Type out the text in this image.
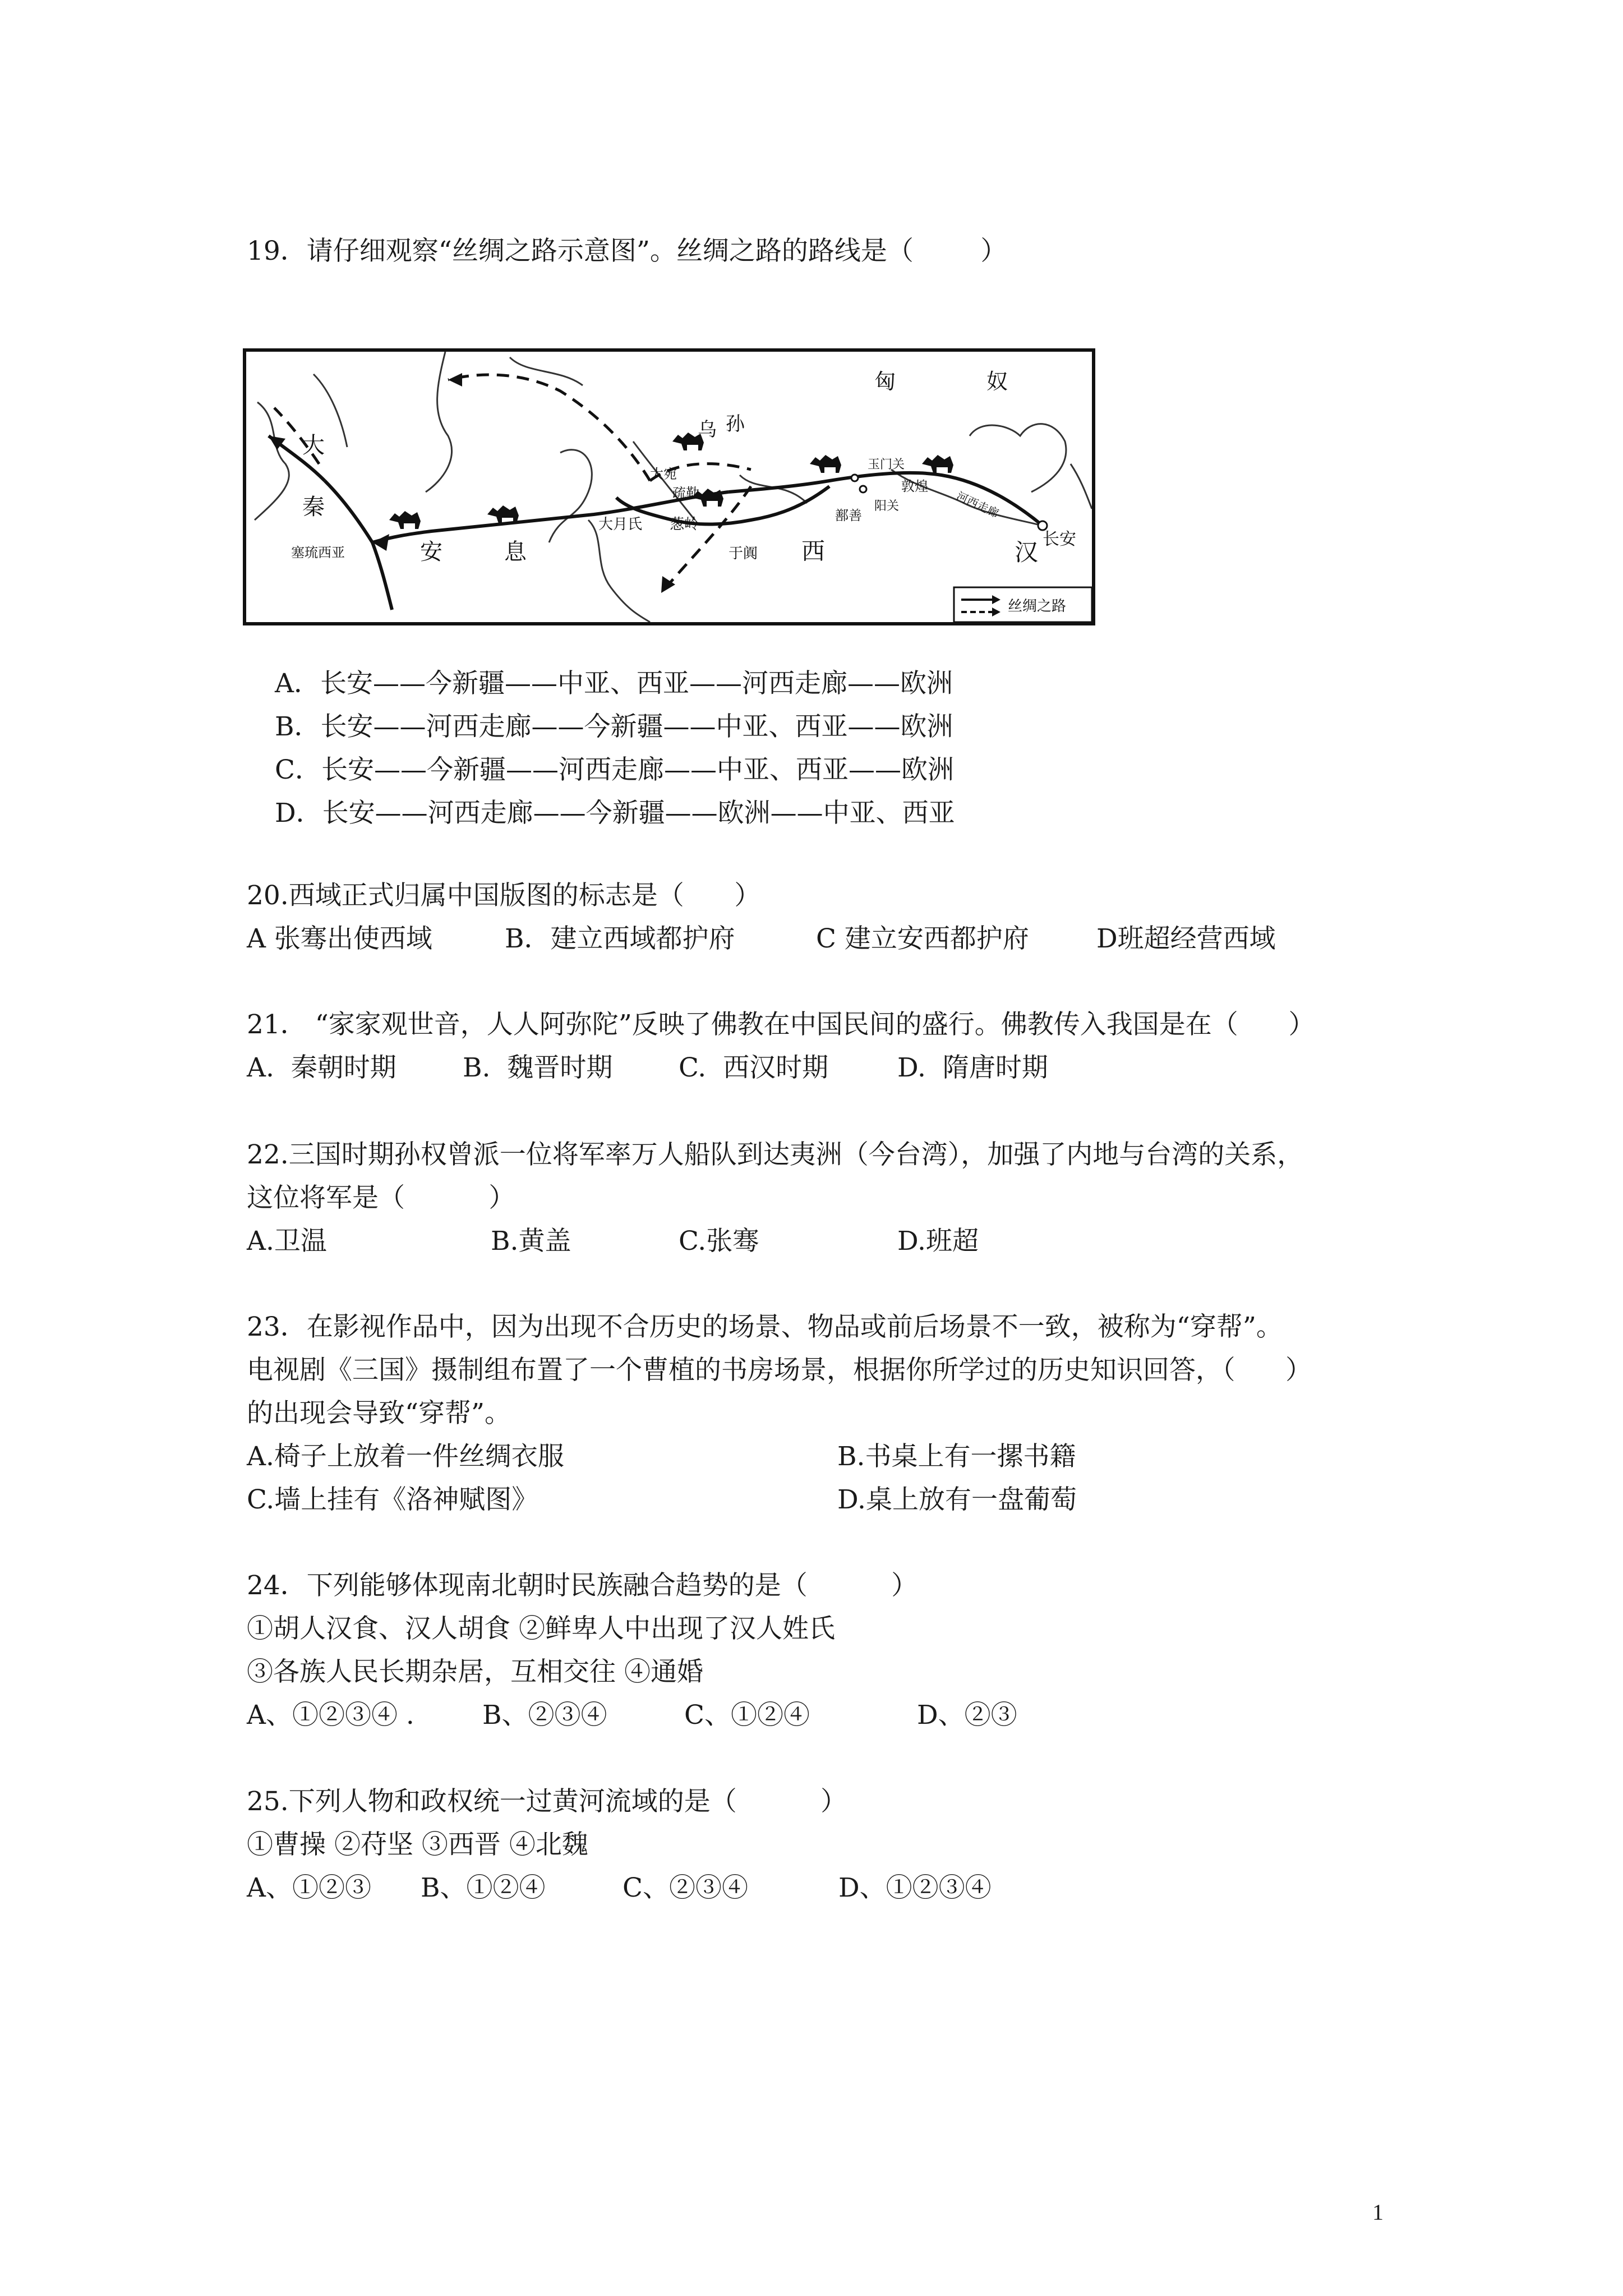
19．请仔细观察“丝绸之路示意图”。丝绸之路的路线是（        ）
匈	奴
大
秦
乌 孙
大宛
疏勒
大月氏 葱岭
玉门关
敦煌
阳关	河西走廊
鄯善
于阗 西	汉 长安
安	息
塞琉西亚
丝绸之路
A．长安——今新疆——中亚、西亚——河西走廊——欧洲
B．长安——河西走廊——今新疆——中亚、西亚——欧洲
C．长安——今新疆——河西走廊——中亚、西亚——欧洲
D．长安——河西走廊——今新疆——欧洲——中亚、西亚
20.西域正式归属中国版图的标志是（      ）
A 张骞出使西域	B．建立西域都护府	C 建立安西都护府	D班超经营西域
21． “家家观世音，人人阿弥陀”反映了佛教在中国民间的盛行。佛教传入我国是在（      ）
A.  秦朝时期	B.  魏晋时期	C.  西汉时期	D.  隋唐时期
22.三国时期孙权曾派一位将军率万人船队到达夷洲（今台湾），加强了内地与台湾的关系，
这位将军是（          ）
A.卫温	B.黄盖	C.张骞	D.班超
23．在影视作品中，因为出现不合历史的场景、物品或前后场景不一致，被称为“穿帮”。
电视剧《三国》摄制组布置了一个曹植的书房场景，根据你所学过的历史知识回答，（      ）
的出现会导致“穿帮”。
A.椅子上放着一件丝绸衣服	B.书桌上有一摞书籍
C.墙上挂有《洛神赋图》	D.桌上放有一盘葡萄
24．下列能够体现南北朝时民族融合趋势的是（          ）
①胡人汉食、汉人胡食 ②鲜卑人中出现了汉人姓氏
③各族人民长期杂居，互相交往 ④通婚
A、①②③④ .	B、②③④	C、①②④	D、②③
25.下列人物和政权统一过黄河流域的是（          ）
①曹操 ②苻坚 ③西晋 ④北魏
A、①②③ B、①②④	C、②③④	D、①②③④
1
